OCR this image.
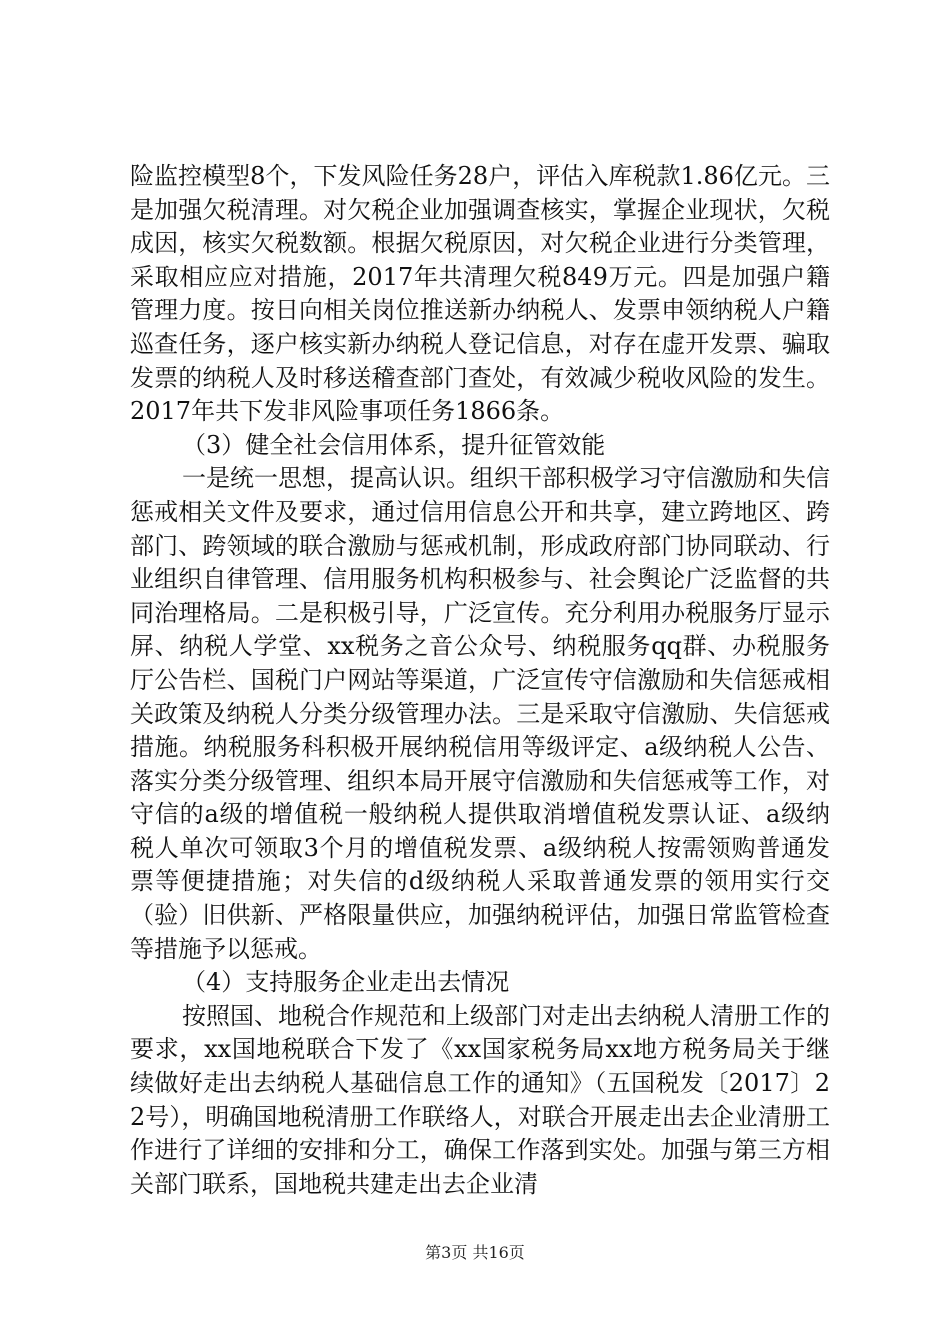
险监控模型8个，下发风险任务28户，评估入库税款1.86亿元。三是加强欠税清理。对欠税企业加强调查核实，掌握企业现状，欠税成因，核实欠税数额。根据欠税原因，对欠税企业进行分类管理，采取相应应对措施，2017年共清理欠税849万元。四是加强户籍管理力度。按日向相关岗位推送新办纳税人、发票申领纳税人户籍巡查任务，逐户核实新办纳税人登记信息，对存在虚开发票、骗取发票的纳税人及时移送稽查部门查处，有效减少税收风险的发生。2017年共下发非风险事项任务1866条。

（3）健全社会信用体系，提升征管效能

一是统一思想，提高认识。组织干部积极学习守信激励和失信惩戒相关文件及要求，通过信用信息公开和共享，建立跨地区、跨部门、跨领域的联合激励与惩戒机制，形成政府部门协同联动、行业组织自律管理、信用服务机构积极参与、社会舆论广泛监督的共同治理格局。二是积极引导，广泛宣传。充分利用办税服务厅显示屏、纳税人学堂、xx税务之音公众号、纳税服务qq群、办税服务厅公告栏、国税门户网站等渠道，广泛宣传守信激励和失信惩戒相关政策及纳税人分类分级管理办法。三是采取守信激励、失信惩戒措施。纳税服务科积极开展纳税信用等级评定、a级纳税人公告、落实分类分级管理、组织本局开展守信激励和失信惩戒等工作，对守信的a级的增值税一般纳税人提供取消增值税发票认证、a级纳税人单次可领取3个月的增值税发票、a级纳税人按需领购普通发票等便捷措施；对失信的d级纳税人采取普通发票的领用实行交（验）旧供新、严格限量供应，加强纳税评估，加强日常监管检查等措施予以惩戒。

（4）支持服务企业走出去情况

按照国、地税合作规范和上级部门对走出去纳税人清册工作的要求，xx国地税联合下发了《xx国家税务局xx地方税务局关于继续做好走出去纳税人基础信息工作的通知》（五国税发〔2017〕22号），明确国地税清册工作联络人，对联合开展走出去企业清册工作进行了详细的安排和分工，确保工作落到实处。加强与第三方相关部门联系，国地税共建走出去企业清

第3页 共16页
